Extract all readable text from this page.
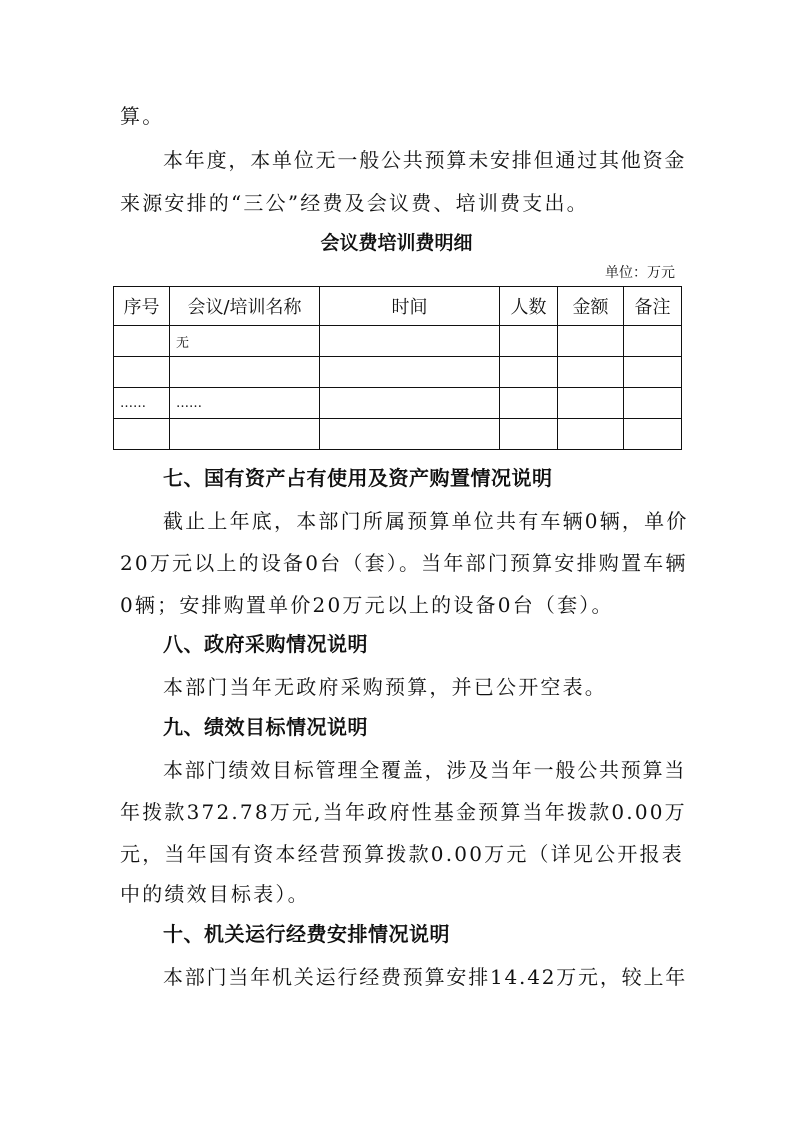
算。
本年度，本单位无一般公共预算未安排但通过其他资金
来源安排的“三公”经费及会议费、培训费支出。
会议费培训费明细
单位：万元
序号	会议/培训名称	时间	人数	金额	备注
	无				

……	……				

七、国有资产占有使用及资产购置情况说明
截止上年底，本部门所属预算单位共有车辆0辆，单价
20万元以上的设备0台（套）。当年部门预算安排购置车辆
0辆；安排购置单价20万元以上的设备0台（套）。
八、政府采购情况说明
本部门当年无政府采购预算，并已公开空表。
九、绩效目标情况说明
本部门绩效目标管理全覆盖，涉及当年一般公共预算当
年拨款372.78万元,当年政府性基金预算当年拨款0.00万
元，当年国有资本经营预算拨款0.00万元（详见公开报表
中的绩效目标表）。
十、机关运行经费安排情况说明
本部门当年机关运行经费预算安排14.42万元，较上年
